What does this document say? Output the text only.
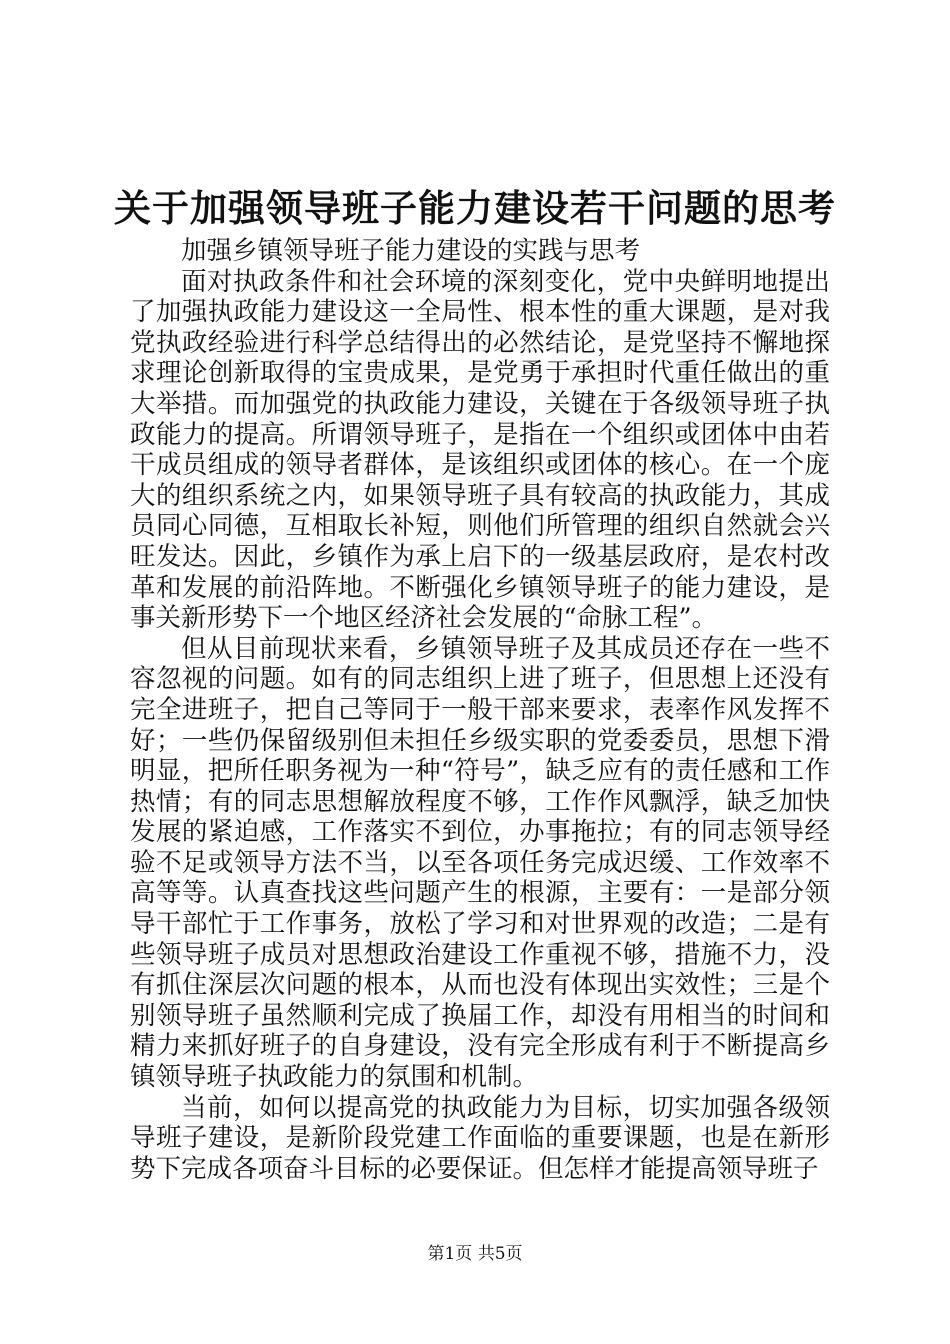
关于加强领导班子能力建设若干问题的思考

加强乡镇领导班子能力建设的实践与思考

面对执政条件和社会环境的深刻变化，党中央鲜明地提出了加强执政能力建设这一全局性、根本性的重大课题，是对我党执政经验进行科学总结得出的必然结论，是党坚持不懈地探求理论创新取得的宝贵成果，是党勇于承担时代重任做出的重大举措。而加强党的执政能力建设，关键在于各级领导班子执政能力的提高。所谓领导班子，是指在一个组织或团体中由若干成员组成的领导者群体，是该组织或团体的核心。在一个庞大的组织系统之内，如果领导班子具有较高的执政能力，其成员同心同德，互相取长补短，则他们所管理的组织自然就会兴旺发达。因此，乡镇作为承上启下的一级基层政府，是农村改革和发展的前沿阵地。不断强化乡镇领导班子的能力建设，是事关新形势下一个地区经济社会发展的“命脉工程”。

但从目前现状来看，乡镇领导班子及其成员还存在一些不容忽视的问题。如有的同志组织上进了班子，但思想上还没有完全进班子，把自己等同于一般干部来要求，表率作风发挥不好；一些仍保留级别但未担任乡级实职的党委委员，思想下滑明显，把所任职务视为一种“符号”，缺乏应有的责任感和工作热情；有的同志思想解放程度不够，工作作风飘浮，缺乏加快发展的紧迫感，工作落实不到位，办事拖拉；有的同志领导经验不足或领导方法不当，以至各项任务完成迟缓、工作效率不高等等。认真查找这些问题产生的根源，主要有：一是部分领导干部忙于工作事务，放松了学习和对世界观的改造；二是有些领导班子成员对思想政治建设工作重视不够，措施不力，没有抓住深层次问题的根本，从而也没有体现出实效性；三是个别领导班子虽然顺利完成了换届工作，却没有用相当的时间和精力来抓好班子的自身建设，没有完全形成有利于不断提高乡镇领导班子执政能力的氛围和机制。

当前，如何以提高党的执政能力为目标，切实加强各级领导班子建设，是新阶段党建工作面临的重要课题，也是在新形势下完成各项奋斗目标的必要保证。但怎样才能提高领导班子

第1页 共5页
